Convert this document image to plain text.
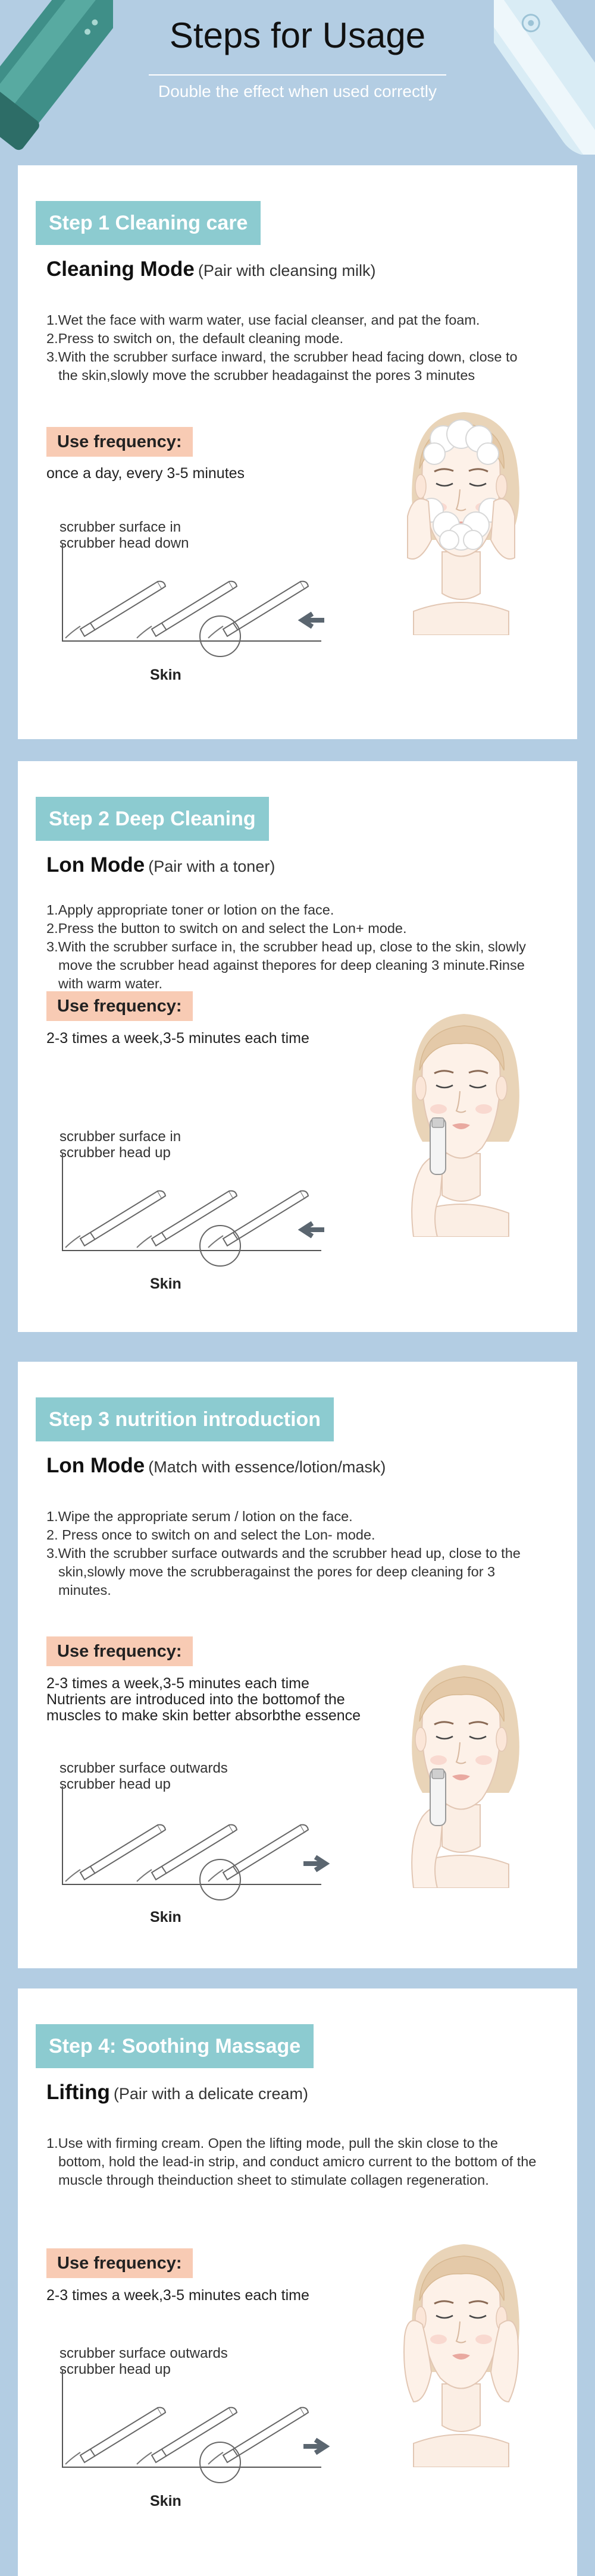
Steps for Usage
Double the effect when used correctly
Step 1 Cleaning care
Cleaning Mode (Pair with cleansing milk)

1.Wet the face with warm water, use facial cleanser, and pat the foam.

2.Press to switch on, the default cleaning mode.

3.With the scrubber surface inward, the scrubber head facing down, close to the skin,slowly move the scrubber headagainst the pores 3 minutes

Use frequency:

once a day, every 3-5 minutes

scrubber surface in

scrubber head down

Skin
Step 2 Deep Cleaning
Lon Mode (Pair with a toner)

1.Apply appropriate toner or lotion on the face.

2.Press the button to switch on and select the Lon+ mode.

3.With the scrubber surface in, the scrubber head up, close to the skin, slowly move the scrubber head against thepores for deep cleaning 3 minute.Rinse with warm water.

Use frequency:

2-3 times a week,3-5 minutes each time

scrubber surface in

scrubber head up

Skin
Step 3 nutrition introduction
Lon Mode (Match with essence/lotion/mask)

1.Wipe the appropriate serum / lotion on the face.

2. Press once to switch on and select the Lon- mode.

3.With the scrubber surface outwards and the scrubber head up, close to the skin,slowly move the scrubberagainst the pores for deep cleaning for 3 minutes.

Use frequency:

2-3 times a week,3-5 minutes each time

Nutrients are introduced into the bottomof the

muscles to make skin better absorbthe essence

scrubber surface outwards

scrubber head up

Skin
Step 4: Soothing Massage
Lifting (Pair with a delicate cream)

1.Use with firming cream. Open the lifting mode, pull the skin close to the bottom, hold the lead-in strip, and conduct amicro current to the bottom of the muscle through theinduction sheet to stimulate collagen regeneration.

Use frequency:

2-3 times a week,3-5 minutes each time

scrubber surface outwards

scrubber head up

Skin
